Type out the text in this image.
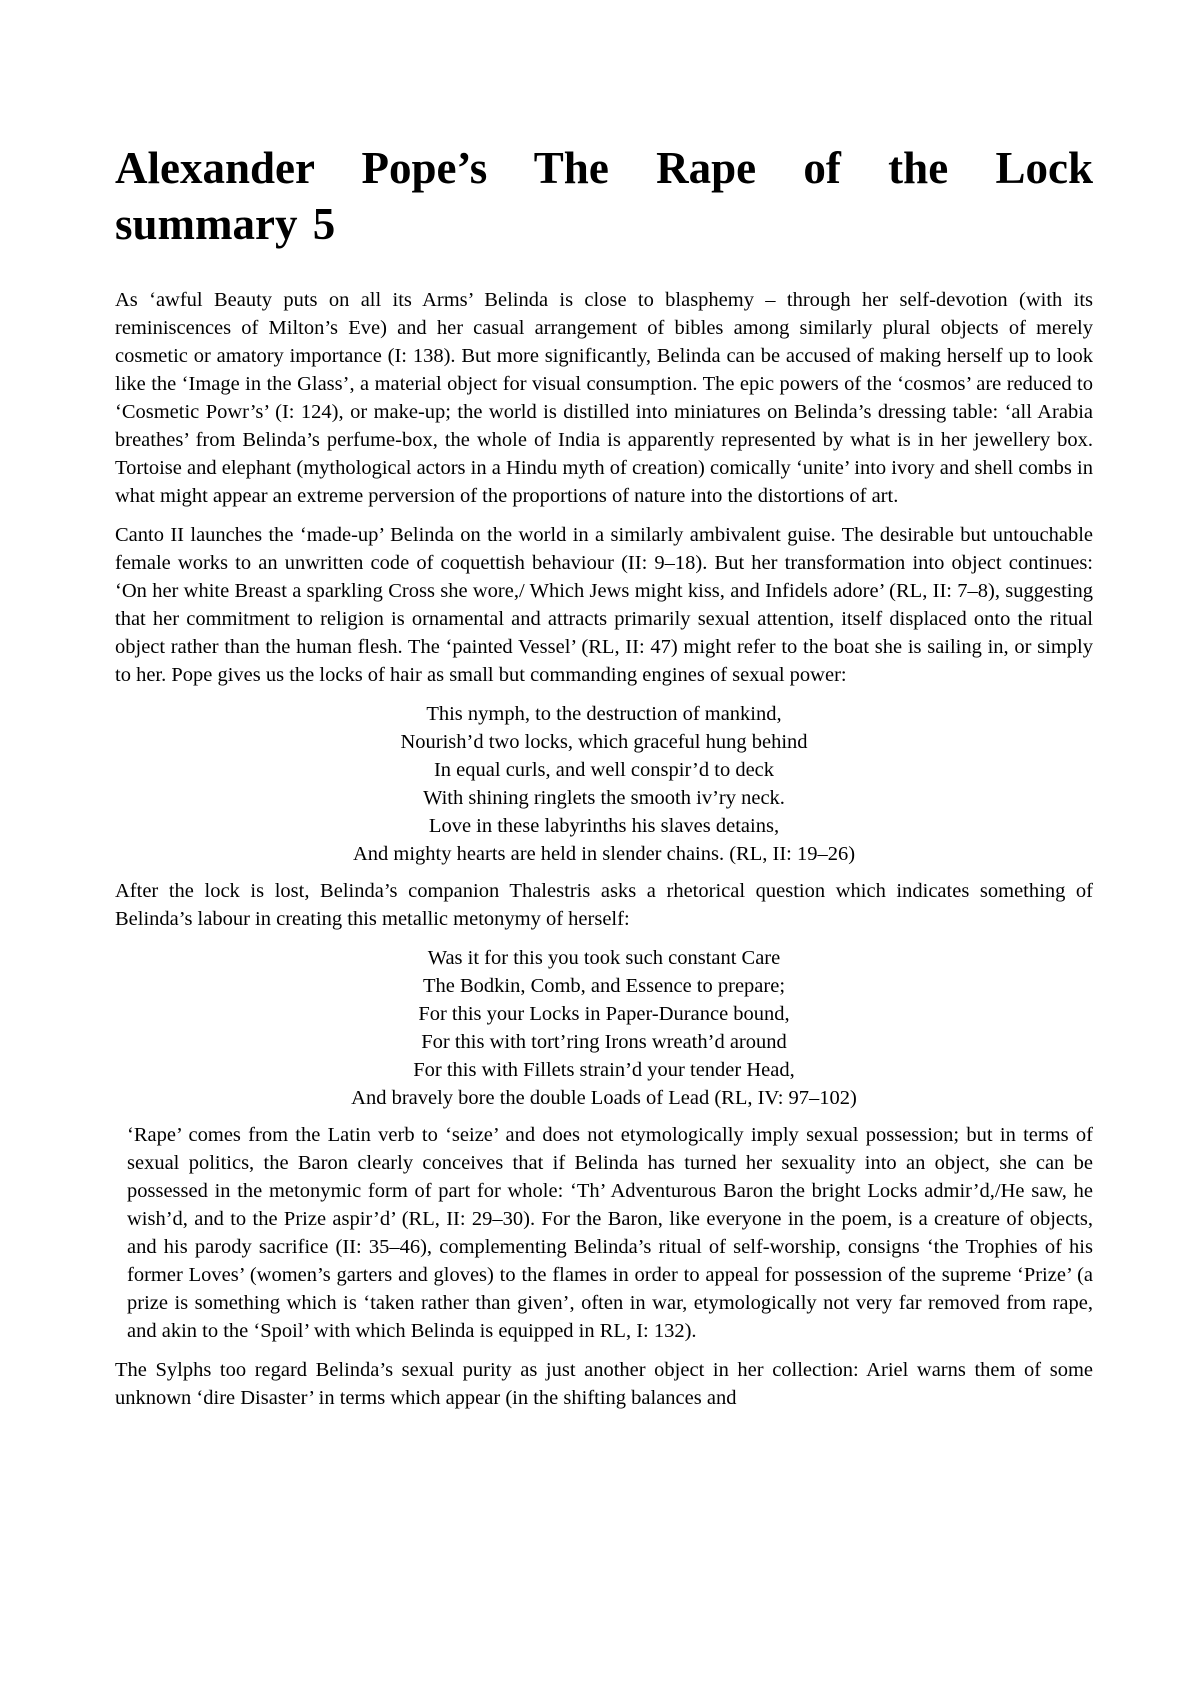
Alexander Pope’s The Rape of the Lock summary 5

As ‘awful Beauty puts on all its Arms’ Belinda is close to blasphemy – through her self-devotion (with its reminiscences of Milton’s Eve) and her casual arrangement of bibles among similarly plural objects of merely cosmetic or amatory importance (I: 138). But more significantly, Belinda can be accused of making herself up to look like the ‘Image in the Glass’, a material object for visual consumption. The epic powers of the ‘cosmos’ are reduced to ‘Cosmetic Powr’s’ (I: 124), or make-up; the world is distilled into miniatures on Belinda’s dressing table: ‘all Arabia breathes’ from Belinda’s perfume-box, the whole of India is apparently represented by what is in her jewellery box. Tortoise and elephant (mythological actors in a Hindu myth of creation) comically ‘unite’ into ivory and shell combs in what might appear an extreme perversion of the proportions of nature into the distortions of art.

Canto II launches the ‘made-up’ Belinda on the world in a similarly ambivalent guise. The desirable but untouchable female works to an unwritten code of coquettish behaviour (II: 9–18). But her transformation into object continues: ‘On her white Breast a sparkling Cross she wore,/ Which Jews might kiss, and Infidels adore’ (RL, II: 7–8), suggesting that her commitment to religion is ornamental and attracts primarily sexual attention, itself displaced onto the ritual object rather than the human flesh. The ‘painted Vessel’ (RL, II: 47) might refer to the boat she is sailing in, or simply to her. Pope gives us the locks of hair as small but commanding engines of sexual power:

This nymph, to the destruction of mankind,
Nourish’d two locks, which graceful hung behind
In equal curls, and well conspir’d to deck
With shining ringlets the smooth iv’ry neck.
Love in these labyrinths his slaves detains,
And mighty hearts are held in slender chains. (RL, II: 19–26)

After the lock is lost, Belinda’s companion Thalestris asks a rhetorical question which indicates something of Belinda’s labour in creating this metallic metonymy of herself:

Was it for this you took such constant Care
The Bodkin, Comb, and Essence to prepare;
For this your Locks in Paper-Durance bound,
For this with tort’ring Irons wreath’d around
For this with Fillets strain’d your tender Head,
And bravely bore the double Loads of Lead (RL, IV: 97–102)

‘Rape’ comes from the Latin verb to ‘seize’ and does not etymologically imply sexual possession; but in terms of sexual politics, the Baron clearly conceives that if Belinda has turned her sexuality into an object, she can be possessed in the metonymic form of part for whole: ‘Th’ Adventurous Baron the bright Locks admir’d,/He saw, he wish’d, and to the Prize aspir’d’ (RL, II: 29–30). For the Baron, like everyone in the poem, is a creature of objects, and his parody sacrifice (II: 35–46), complementing Belinda’s ritual of self-worship, consigns ‘the Trophies of his former Loves’ (women’s garters and gloves) to the flames in order to appeal for possession of the supreme ‘Prize’ (a prize is something which is ‘taken rather than given’, often in war, etymologically not very far removed from rape, and akin to the ‘Spoil’ with which Belinda is equipped in RL, I: 132).

The Sylphs too regard Belinda’s sexual purity as just another object in her collection: Ariel warns them of some unknown ‘dire Disaster’ in terms which appear (in the shifting balances and
